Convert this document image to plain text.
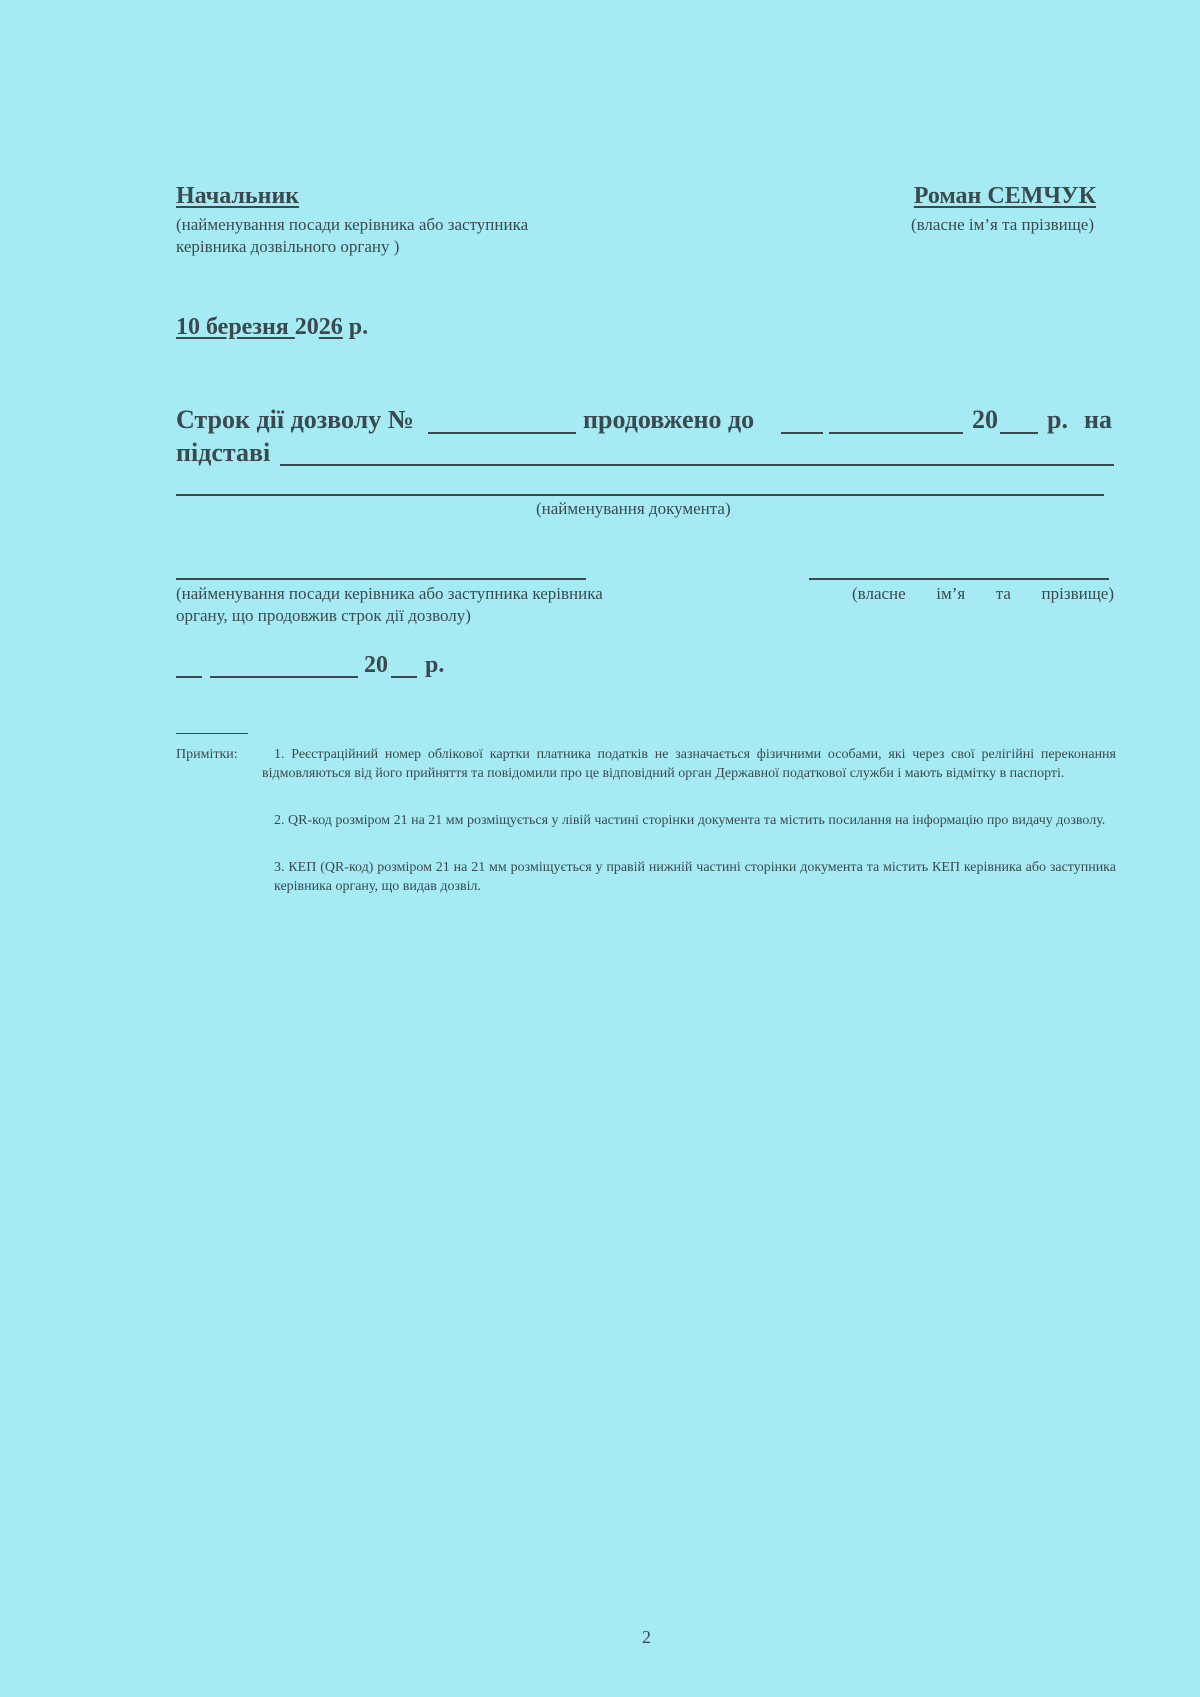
Начальник
(найменування посади керівника або заступника керівника дозвільного органу )
Роман СЕМЧУК
(власне ім’я та прізвище)
10 березня 2026 р.
Строк дії дозволу №	продовжено до	20 р. на
підставі
(найменування документа)
(найменування посади керівника або заступника керівника органу, що продовжив строк дії дозволу)
(власне ім’я та прізвище)
20 р.
Примітки:	1. Реєстраційний номер облікової картки платника податків не зазначається фізичними особами, які через свої релігійні переконання відмовляються від його прийняття та повідомили про це відповідний орган Державної податкової служби і мають відмітку в паспорті.
2. QR-код розміром 21 на 21 мм розміщується у лівій частині сторінки документа та містить посилання на інформацію про видачу дозволу.
3. КЕП (QR-код) розміром 21 на 21 мм розміщується у правій нижній частині сторінки документа та містить КЕП керівника або заступника керівника органу, що видав дозвіл.
2
